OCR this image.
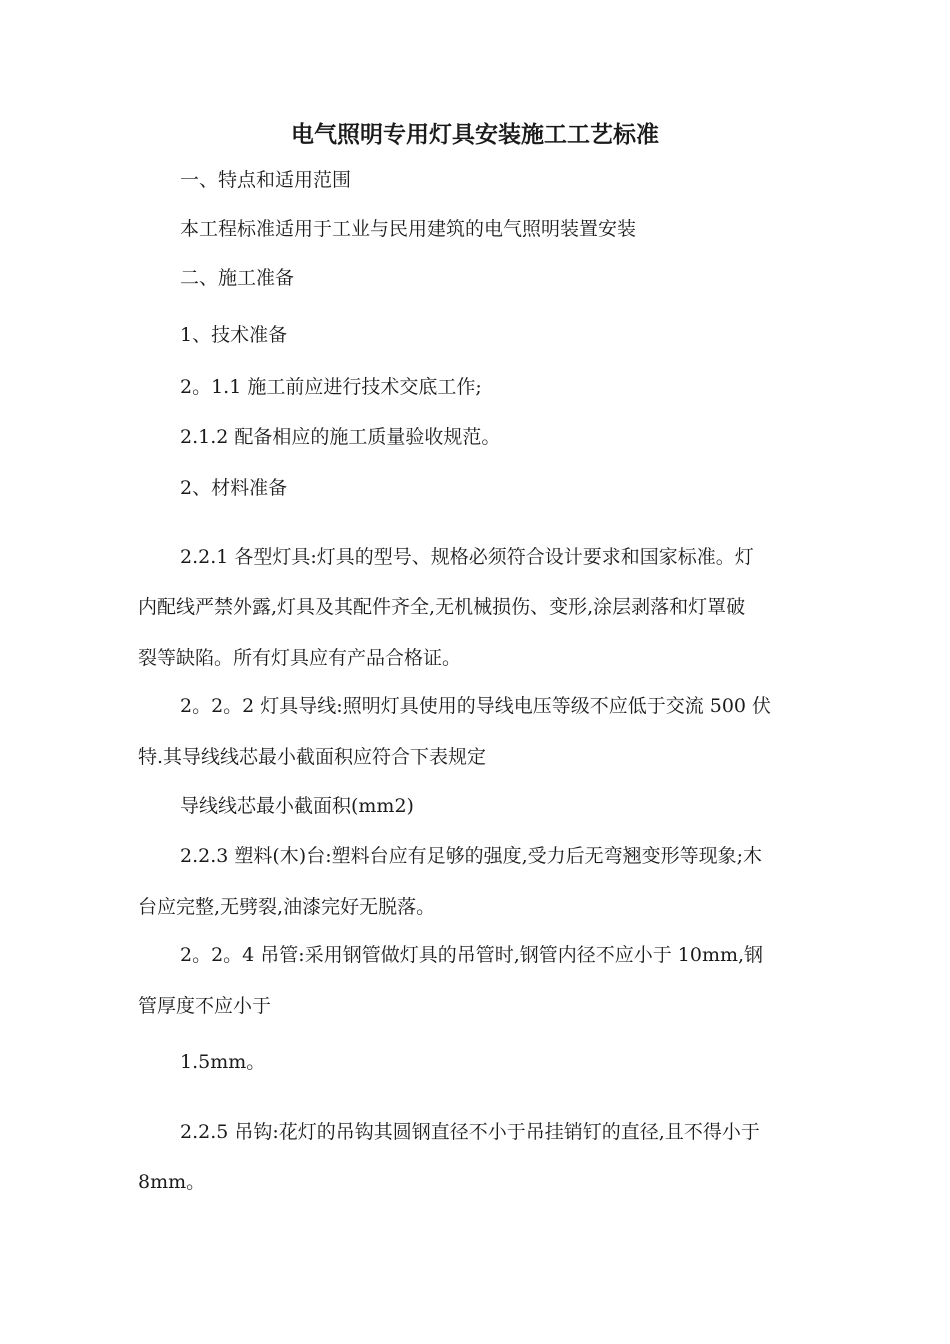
电气照明专用灯具安装施工工艺标准

一、特点和适用范围

本工程标准适用于工业与民用建筑的电气照明装置安装

二、施工准备

1、技术准备

2。1.1 施工前应进行技术交底工作;

2.1.2 配备相应的施工质量验收规范。

2、材料准备

2.2.1 各型灯具:灯具的型号、规格必须符合设计要求和国家标准。灯

内配线严禁外露,灯具及其配件齐全,无机械损伤、变形,涂层剥落和灯罩破

裂等缺陷。所有灯具应有产品合格证。

2。2。2 灯具导线:照明灯具使用的导线电压等级不应低于交流 500 伏

特.其导线线芯最小截面积应符合下表规定

导线线芯最小截面积(mm2)

2.2.3 塑料(木)台:塑料台应有足够的强度,受力后无弯翘变形等现象;木

台应完整,无劈裂,油漆完好无脱落。

2。2。4 吊管:采用钢管做灯具的吊管时,钢管内径不应小于 10mm,钢

管厚度不应小于

1.5mm。

2.2.5 吊钩:花灯的吊钩其圆钢直径不小于吊挂销钉的直径,且不得小于

8mm。
